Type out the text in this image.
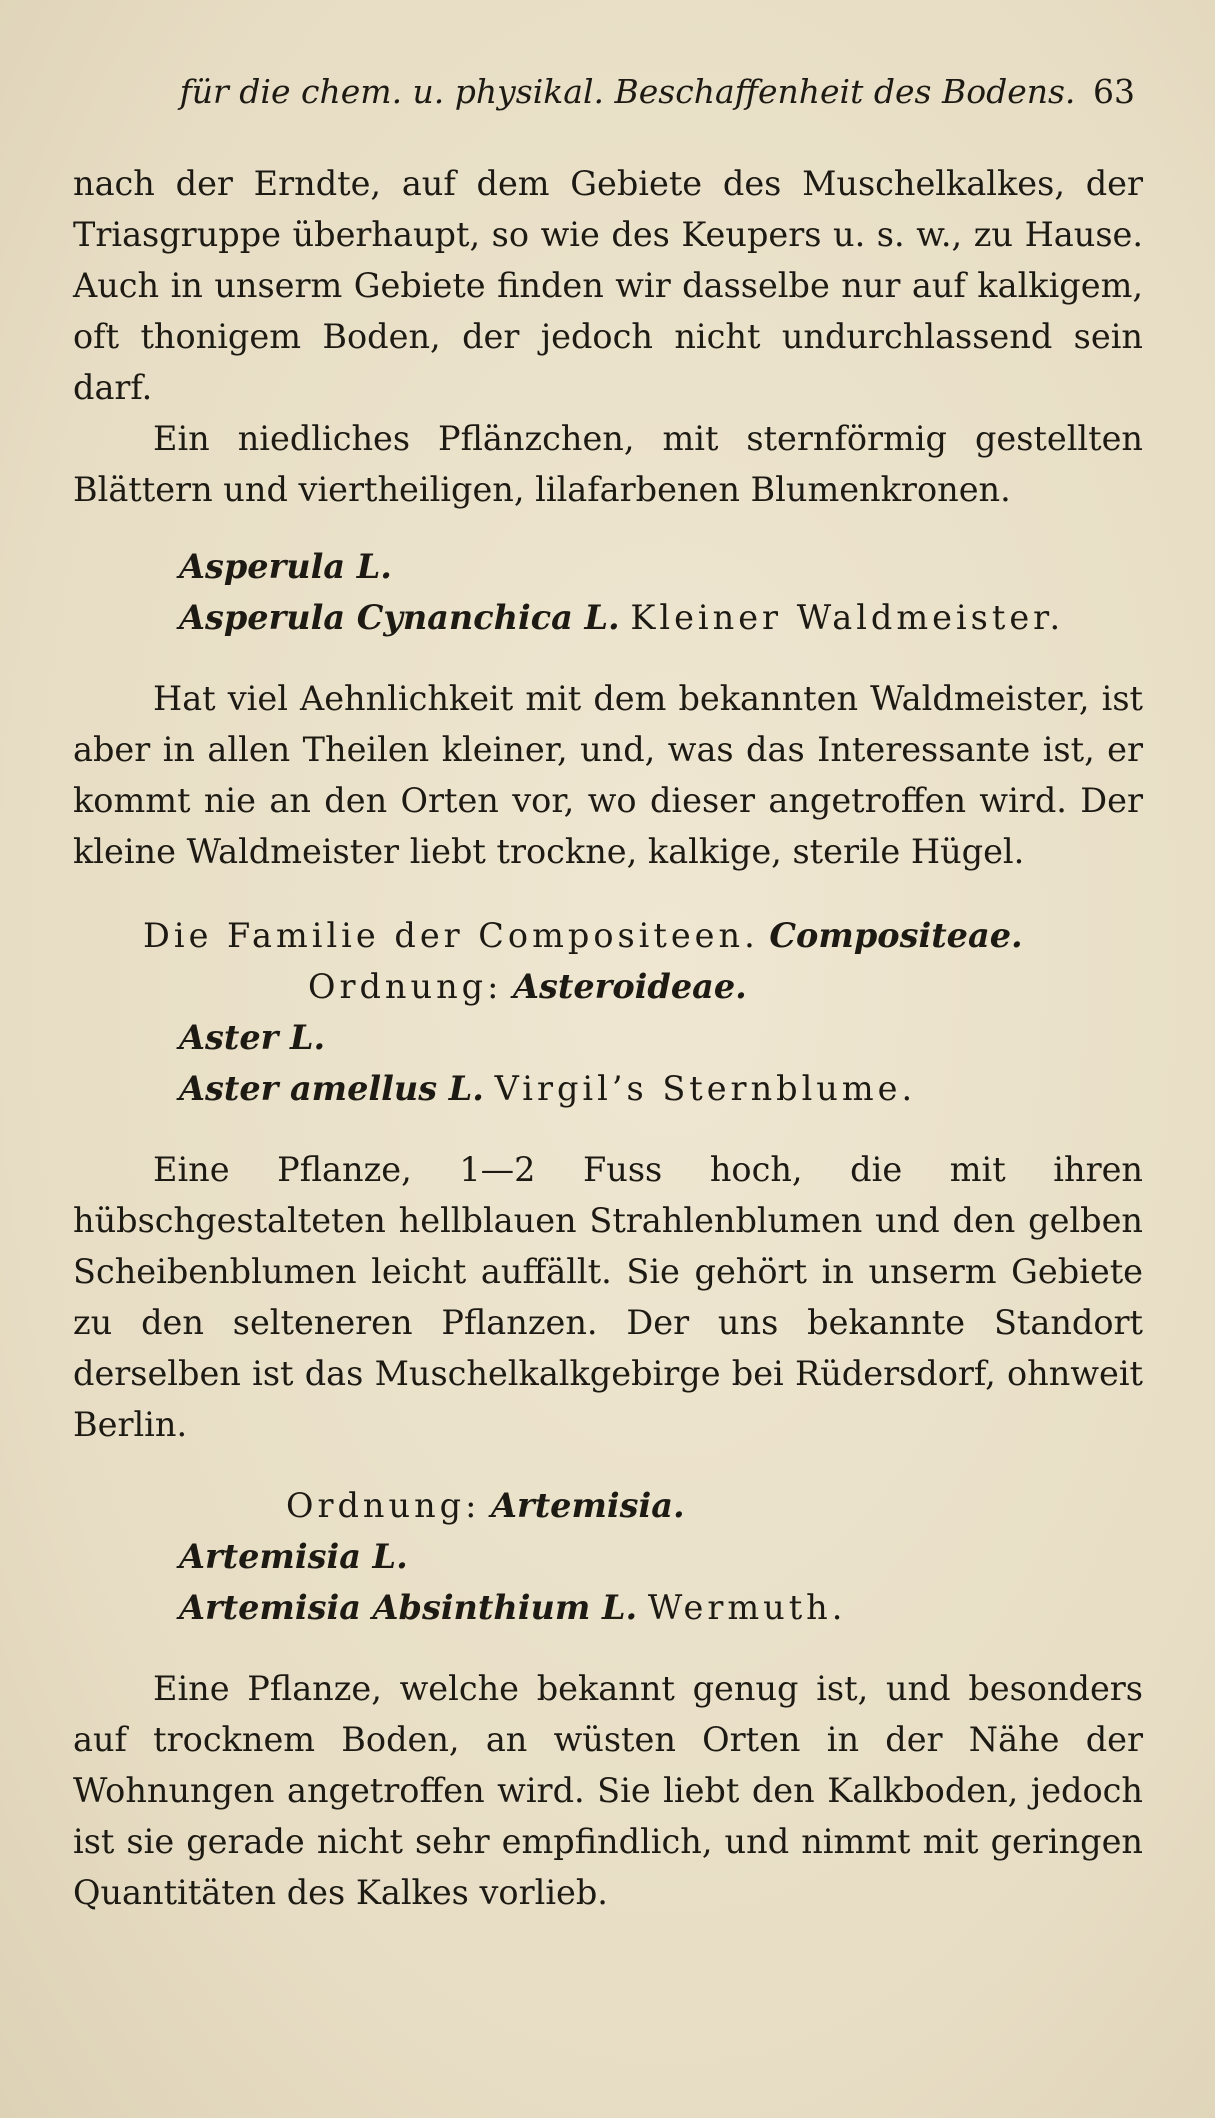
für die chem. u. physikal. Beschaffenheit des Bodens. 63
nach der Erndte, auf dem Gebiete des Muschelkalkes, der Triasgruppe überhaupt, so wie des Keupers u. s. w., zu Hause. Auch in unserm Gebiete finden wir dasselbe nur auf kalkigem, oft thonigem Boden, der jedoch nicht undurchlassend sein darf.
Ein niedliches Pflänzchen, mit sternförmig gestellten Blättern und viertheiligen, lilafarbenen Blumenkronen.
Asperula L.
Asperula Cynanchica L. Kleiner Waldmeister.
Hat viel Aehnlichkeit mit dem bekannten Waldmeister, ist aber in allen Theilen kleiner, und, was das Interessante ist, er kommt nie an den Orten vor, wo dieser angetroffen wird. Der kleine Waldmeister liebt trockne, kalkige, sterile Hügel.
Die Familie der Compositeen. Compositeae.
Ordnung: Asteroideae.
Aster L.
Aster amellus L. Virgil’s Sternblume.
Eine Pflanze, 1—2 Fuss hoch, die mit ihren hübschgestalteten hellblauen Strahlenblumen und den gelben Scheibenblumen leicht auffällt. Sie gehört in unserm Gebiete zu den selteneren Pflanzen. Der uns bekannte Standort derselben ist das Muschelkalkgebirge bei Rüdersdorf, ohnweit Berlin.
Ordnung: Artemisia.
Artemisia L.
Artemisia Absinthium L. Wermuth.
Eine Pflanze, welche bekannt genug ist, und besonders auf trocknem Boden, an wüsten Orten in der Nähe der Wohnungen angetroffen wird. Sie liebt den Kalkboden, jedoch ist sie gerade nicht sehr empfindlich, und nimmt mit geringen Quantitäten des Kalkes vorlieb.
